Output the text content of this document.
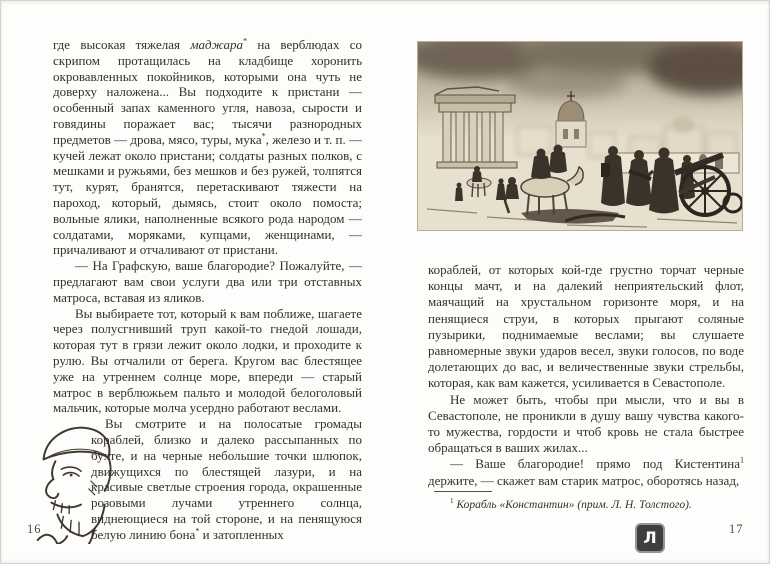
где высокая тяжелая маджара* на верблюдах со скрипом протащилась на кладбище хоронить окровавленных покойников, которыми она чуть не доверху наложена... Вы подходите к пристани — особенный запах каменного угля, навоза, сырости и говядины поражает вас; тысячи разнородных предметов — дрова, мясо, туры, мука*, железо и т. п. — кучей лежат около пристани; солдаты разных полков, с мешками и ружьями, без мешков и без ружей, толпятся тут, курят, бранятся, перетаскивают тяжести на пароход, который, дымясь, стоит около помоста; вольные ялики, наполненные всякого рода народом — солдатами, моряками, купцами, женщинами, — причаливают и отчаливают от пристани.

— На Графскую, ваше благородие? Пожалуйте, — предлагают вам свои услуги два или три отставных матроса, вставая из яликов.

Вы выбираете тот, который к вам поближе, шагаете через полусгнивший труп какой-то гнедой лошади, которая тут в грязи лежит около лодки, и проходите к рулю. Вы отчалили от берега. Кругом вас блестящее уже на утреннем солнце море, впереди — старый матрос в верблюжьем пальто и молодой белоголовый мальчик, которые молча усердно работают веслами.

Вы смотрите и на полосатые громады кораблей, близко и далеко рассыпанных по бухте, и на черные небольшие точки шлюпок, движущихся по блестящей лазури, и на красивые светлые строения города, окрашенные розовыми лучами утреннего солнца, виднеющиеся на той стороне, и на пенящуюся белую линию бона* и затопленных

кораблей, от которых кой-где грустно торчат черные концы мачт, и на далекий неприятельский флот, маячащий на хрустальном горизонте моря, и на пенящиеся струи, в которых прыгают соляные пузырики, поднимаемые веслами; вы слушаете равномерные звуки ударов весел, звуки голосов, по воде долетающих до вас, и величественные звуки стрельбы, которая, как вам кажется, усиливается в Севастополе.

Не может быть, чтобы при мысли, что и вы в Севастополе, не проникли в душу вашу чувства какого-то мужества, гордости и чтоб кровь не стала быстрее обращаться в ваших жилах...

— Ваше благородие! прямо под Кистентина$^1$ держите, — скажет вам старик матрос, оборотясь назад,

$^1$ Корабль «Константин» (прим. Л. Н. Толстого).

16	17
Л
